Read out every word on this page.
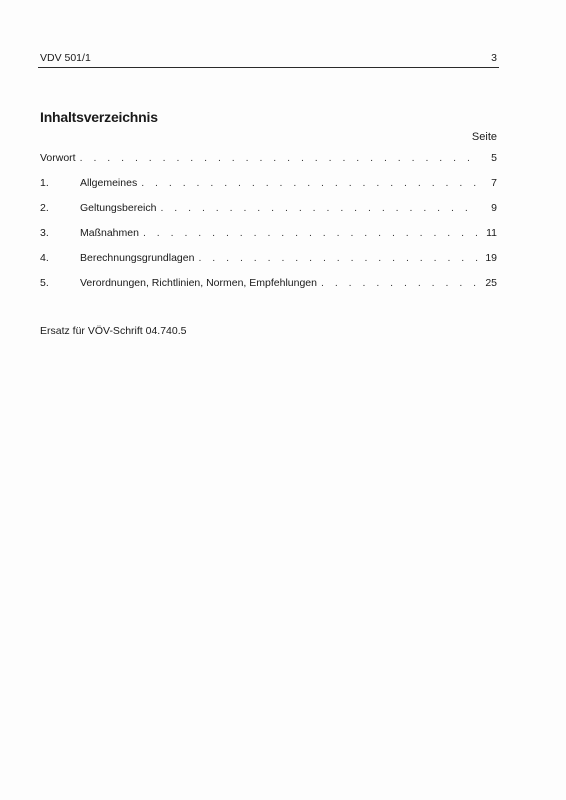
VDV 501/1	3
Inhaltsverzeichnis
Seite
Vorwort . . .	5
1.	Allgemeines . . .	7
2.	Geltungsbereich . . .	9
3.	Maßnahmen . . .	11
4.	Berechnungsgrundlagen . . .	19
5.	Verordnungen, Richtlinien, Normen, Empfehlungen . . .	25
Ersatz für VÖV-Schrift 04.740.5
